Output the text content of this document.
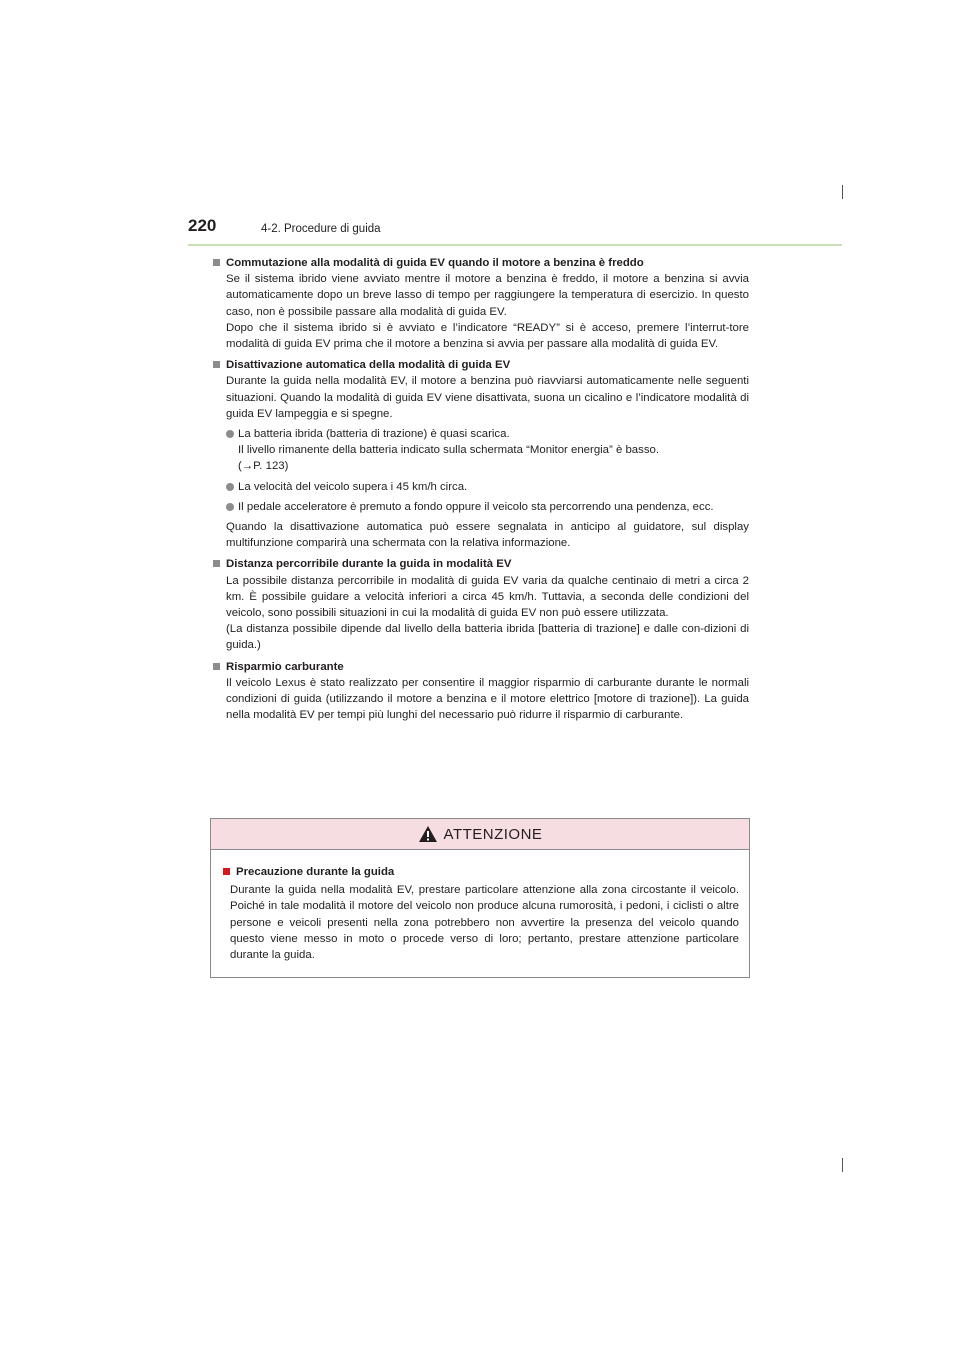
220	4-2. Procedure di guida
Commutazione alla modalità di guida EV quando il motore a benzina è freddo

Se il sistema ibrido viene avviato mentre il motore a benzina è freddo, il motore a benzina si avvia automaticamente dopo un breve lasso di tempo per raggiungere la temperatura di esercizio. In questo caso, non è possibile passare alla modalità di guida EV.

Dopo che il sistema ibrido si è avviato e l’indicatore “READY” si è acceso, premere l’interrut-tore modalità di guida EV prima che il motore a benzina si avvia per passare alla modalità di guida EV.

Disattivazione automatica della modalità di guida EV

Durante la guida nella modalità EV, il motore a benzina può riavviarsi automaticamente nelle seguenti situazioni. Quando la modalità di guida EV viene disattivata, suona un cicalino e l’indicatore modalità di guida EV lampeggia e si spegne.

La batteria ibrida (batteria di trazione) è quasi scarica.
Il livello rimanente della batteria indicato sulla schermata “Monitor energia” è basso.
(→P. 123)
La velocità del veicolo supera i 45 km/h circa.
Il pedale acceleratore è premuto a fondo oppure il veicolo sta percorrendo una pendenza, ecc.

Quando la disattivazione automatica può essere segnalata in anticipo al guidatore, sul display multifunzione comparirà una schermata con la relativa informazione.

Distanza percorribile durante la guida in modalità EV

La possibile distanza percorribile in modalità di guida EV varia da qualche centinaio di metri a circa 2 km. È possibile guidare a velocità inferiori a circa 45 km/h. Tuttavia, a seconda delle condizioni del veicolo, sono possibili situazioni in cui la modalità di guida EV non può essere utilizzata.

(La distanza possibile dipende dal livello della batteria ibrida [batteria di trazione] e dalle con-dizioni di guida.)

Risparmio carburante

Il veicolo Lexus è stato realizzato per consentire il maggior risparmio di carburante durante le normali condizioni di guida (utilizzando il motore a benzina e il motore elettrico [motore di trazione]). La guida nella modalità EV per tempi più lunghi del necessario può ridurre il risparmio di carburante.

ATTENZIONE
Precauzione durante la guida
Durante la guida nella modalità EV, prestare particolare attenzione alla zona circostante il veicolo. Poiché in tale modalità il motore del veicolo non produce alcuna rumorosità, i pedoni, i ciclisti o altre persone e veicoli presenti nella zona potrebbero non avvertire la presenza del veicolo quando questo viene messo in moto o procede verso di loro; pertanto, prestare attenzione particolare durante la guida.
